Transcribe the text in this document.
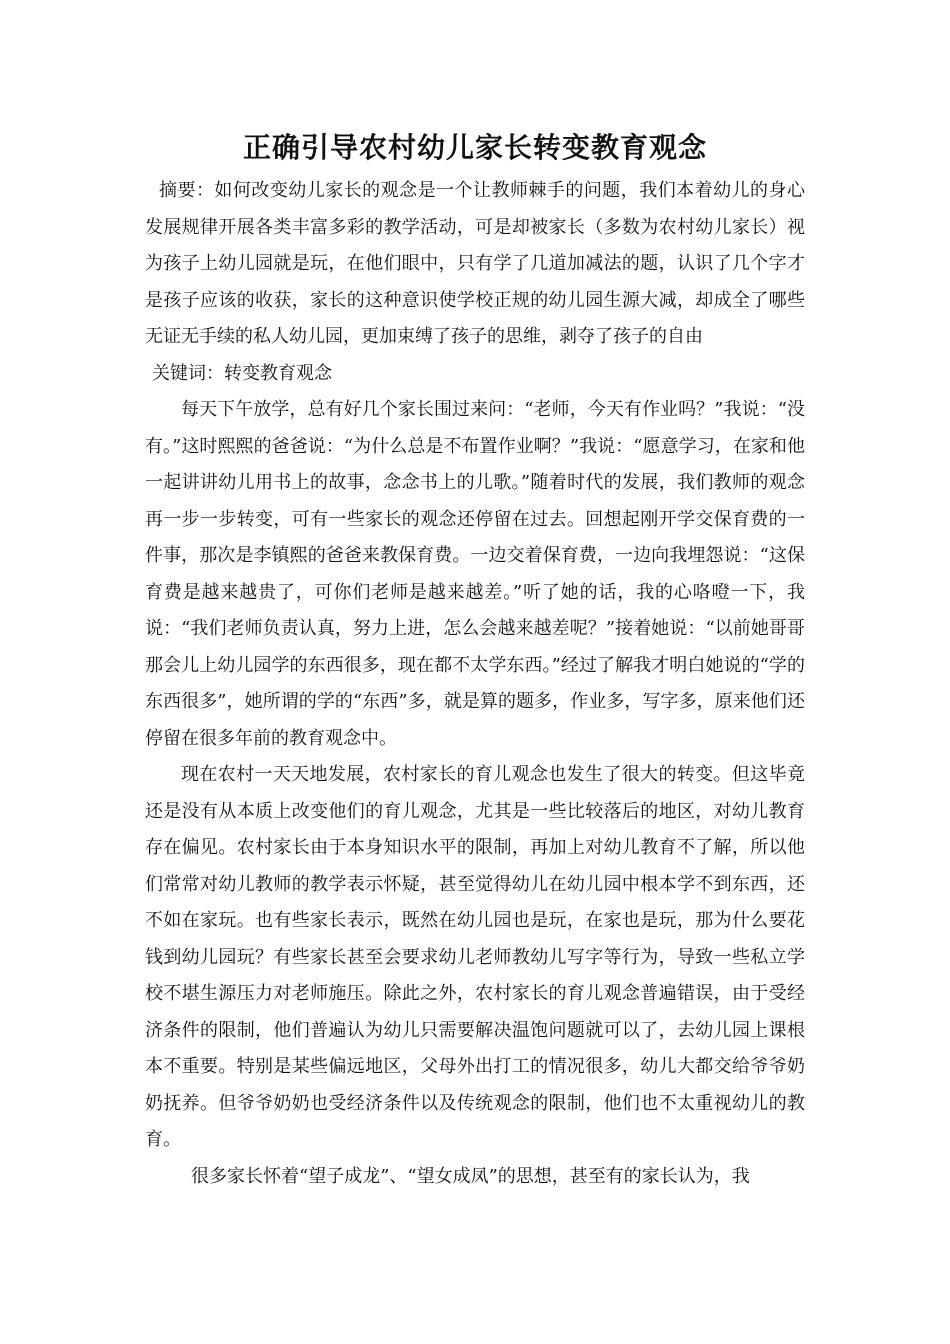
正确引导农村幼儿家长转变教育观念

摘要：如何改变幼儿家长的观念是一个让教师棘手的问题，我们本着幼儿的身心发展规律开展各类丰富多彩的教学活动，可是却被家长（多数为农村幼儿家长）视为孩子上幼儿园就是玩，在他们眼中，只有学了几道加减法的题，认识了几个字才是孩子应该的收获，家长的这种意识使学校正规的幼儿园生源大减，却成全了哪些无证无手续的私人幼儿园，更加束缚了孩子的思维，剥夺了孩子的自由

关键词：转变教育观念

每天下午放学，总有好几个家长围过来问：“老师，今天有作业吗？”我说：“没有。”这时熙熙的爸爸说：“为什么总是不布置作业啊？”我说：“愿意学习，在家和他一起讲讲幼儿用书上的故事，念念书上的儿歌。”随着时代的发展，我们教师的观念再一步一步转变，可有一些家长的观念还停留在过去。回想起刚开学交保育费的一件事，那次是李镇熙的爸爸来教保育费。一边交着保育费，一边向我埋怨说：“这保育费是越来越贵了，可你们老师是越来越差。”听了她的话，我的心咯噔一下，我说：“我们老师负责认真，努力上进，怎么会越来越差呢？”接着她说：“以前她哥哥那会儿上幼儿园学的东西很多，现在都不太学东西。”经过了解我才明白她说的“学的东西很多”，她所谓的学的“东西”多，就是算的题多，作业多，写字多，原来他们还停留在很多年前的教育观念中。

现在农村一天天地发展，农村家长的育儿观念也发生了很大的转变。但这毕竟还是没有从本质上改变他们的育儿观念，尤其是一些比较落后的地区，对幼儿教育存在偏见。农村家长由于本身知识水平的限制，再加上对幼儿教育不了解，所以他们常常对幼儿教师的教学表示怀疑，甚至觉得幼儿在幼儿园中根本学不到东西，还不如在家玩。也有些家长表示，既然在幼儿园也是玩，在家也是玩，那为什么要花钱到幼儿园玩？有些家长甚至会要求幼儿老师教幼儿写字等行为，导致一些私立学校不堪生源压力对老师施压。除此之外，农村家长的育儿观念普遍错误，由于受经济条件的限制，他们普遍认为幼儿只需要解决温饱问题就可以了，去幼儿园上课根本不重要。特别是某些偏远地区，父母外出打工的情况很多，幼儿大都交给爷爷奶奶抚养。但爷爷奶奶也受经济条件以及传统观念的限制，他们也不太重视幼儿的教育。

很多家长怀着“望子成龙”、“望女成凤”的思想，甚至有的家长认为，我
